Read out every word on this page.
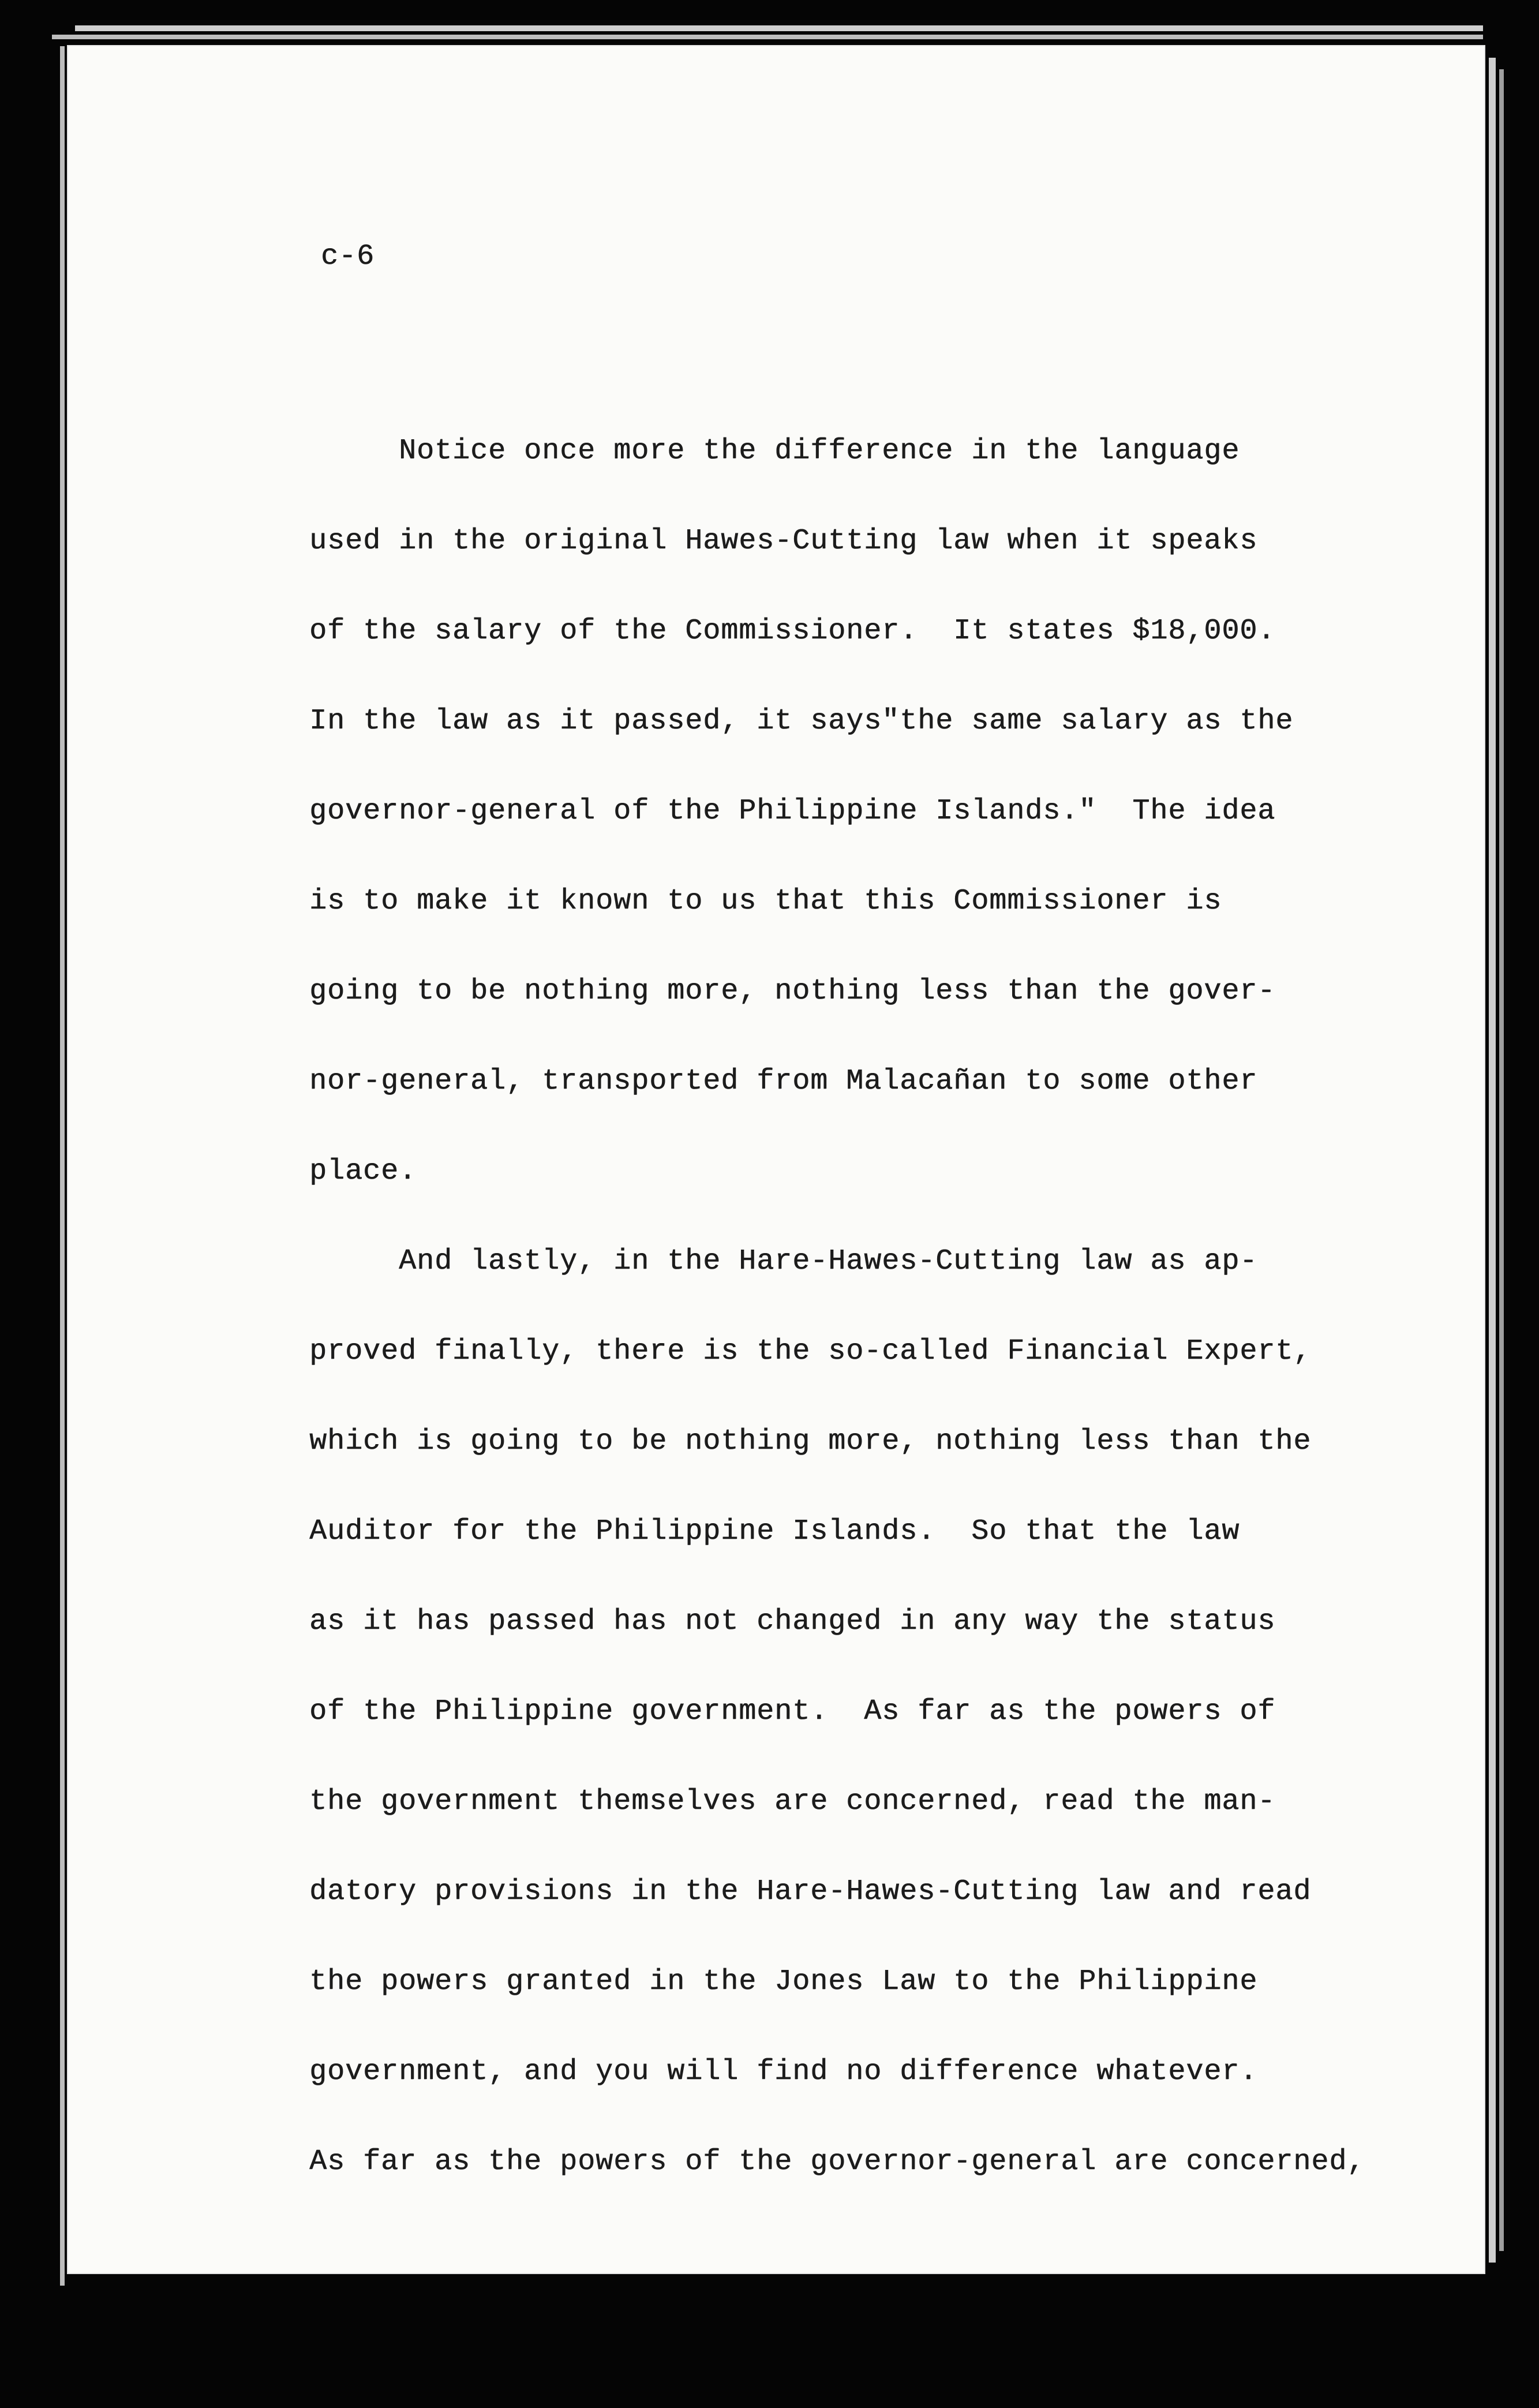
c-6
Notice once more the difference in the language
used in the original Hawes-Cutting law when it speaks
of the salary of the Commissioner.  It states $18,000.
In the law as it passed, it says"the same salary as the
governor-general of the Philippine Islands."  The idea
is to make it known to us that this Commissioner is
going to be nothing more, nothing less than the gover-
nor-general, transported from Malacañan to some other
place.
And lastly, in the Hare-Hawes-Cutting law as ap-
proved finally, there is the so-called Financial Expert,
which is going to be nothing more, nothing less than the
Auditor for the Philippine Islands.  So that the law
as it has passed has not changed in any way the status
of the Philippine government.  As far as the powers of
the government themselves are concerned, read the man-
datory provisions in the Hare-Hawes-Cutting law and read
the powers granted in the Jones Law to the Philippine
government, and you will find no difference whatever.
As far as the powers of the governor-general are concerned,
